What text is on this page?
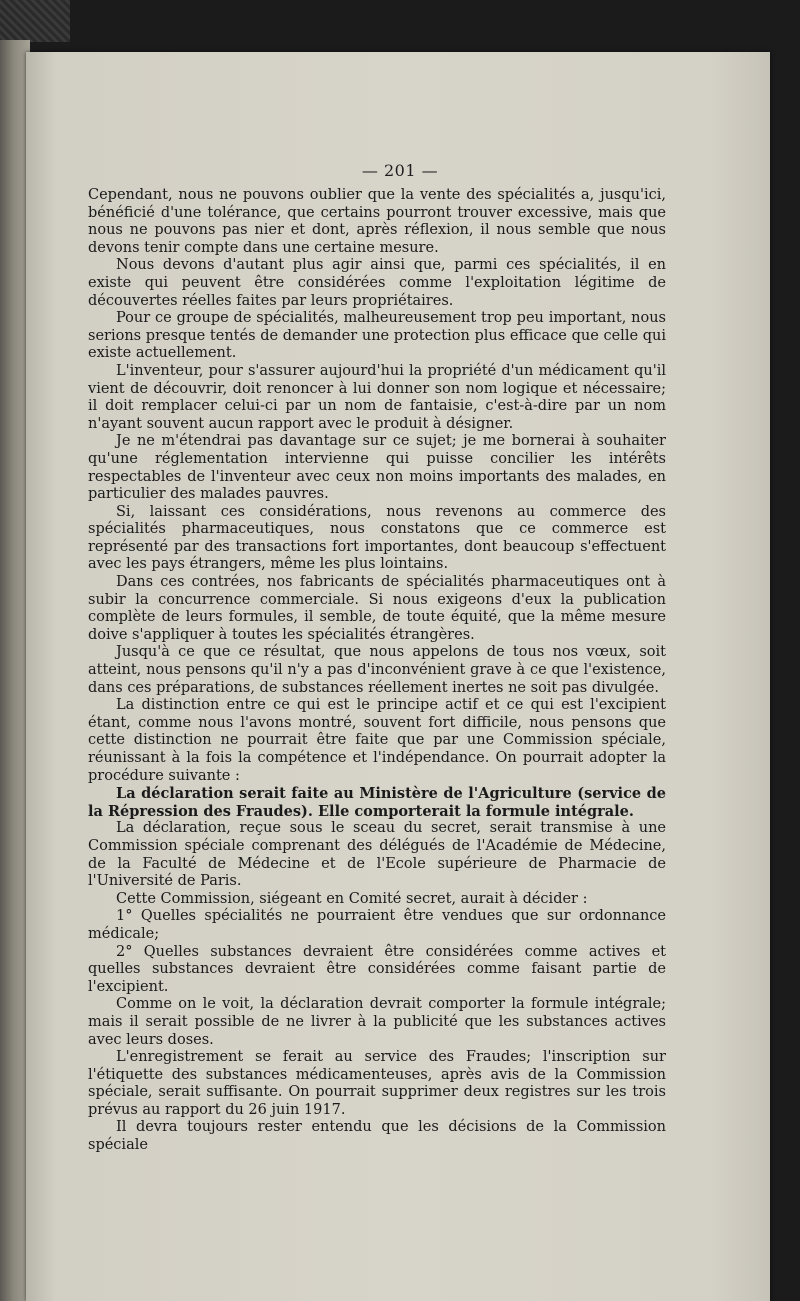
— 201 —

Cependant, nous ne pouvons oublier que la vente des spécialités a, jusqu'ici, bénéficié d'une tolérance, que certains pourront trouver excessive, mais que nous ne pouvons pas nier et dont, après réflexion, il nous semble que nous devons tenir compte dans une certaine mesure.

Nous devons d'autant plus agir ainsi que, parmi ces spécialités, il en existe qui peuvent être considérées comme l'exploitation légitime de découvertes réelles faites par leurs propriétaires.

Pour ce groupe de spécialités, malheureusement trop peu important, nous serions presque tentés de demander une protection plus efficace que celle qui existe actuellement.

L'inventeur, pour s'assurer aujourd'hui la propriété d'un médicament qu'il vient de découvrir, doit renoncer à lui donner son nom logique et nécessaire; il doit remplacer celui-ci par un nom de fantaisie, c'est-à-dire par un nom n'ayant souvent aucun rapport avec le produit à désigner.

Je ne m'étendrai pas davantage sur ce sujet; je me bornerai à souhaiter qu'une réglementation intervienne qui puisse concilier les intérêts respectables de l'inventeur avec ceux non moins importants des malades, en particulier des malades pauvres.

Si, laissant ces considérations, nous revenons au commerce des spécialités pharmaceutiques, nous constatons que ce commerce est représenté par des transactions fort importantes, dont beaucoup s'effectuent avec les pays étrangers, même les plus lointains.

Dans ces contrées, nos fabricants de spécialités pharmaceutiques ont à subir la concurrence commerciale. Si nous exigeons d'eux la publication complète de leurs formules, il semble, de toute équité, que la même mesure doive s'appliquer à toutes les spécialités étrangères.

Jusqu'à ce que ce résultat, que nous appelons de tous nos vœux, soit atteint, nous pensons qu'il n'y a pas d'inconvénient grave à ce que l'existence, dans ces préparations, de substances réellement inertes ne soit pas divulgée.

La distinction entre ce qui est le principe actif et ce qui est l'excipient étant, comme nous l'avons montré, souvent fort difficile, nous pensons que cette distinction ne pourrait être faite que par une Commission spéciale, réunissant à la fois la compétence et l'indépendance. On pourrait adopter la procédure suivante :

La déclaration serait faite au Ministère de l'Agriculture (service de la Répression des Fraudes). Elle comporterait la formule intégrale.

La déclaration, reçue sous le sceau du secret, serait transmise à une Commission spéciale comprenant des délégués de l'Académie de Médecine, de la Faculté de Médecine et de l'Ecole supérieure de Pharmacie de l'Université de Paris.

Cette Commission, siégeant en Comité secret, aurait à décider :

1° Quelles spécialités ne pourraient être vendues que sur ordonnance médicale;

2° Quelles substances devraient être considérées comme actives et quelles substances devraient être considérées comme faisant partie de l'excipient.

Comme on le voit, la déclaration devrait comporter la formule intégrale; mais il serait possible de ne livrer à la publicité que les substances actives avec leurs doses.

L'enregistrement se ferait au service des Fraudes; l'inscription sur l'étiquette des substances médicamenteuses, après avis de la Commission spéciale, serait suffisante. On pourrait supprimer deux registres sur les trois prévus au rapport du 26 juin 1917.

Il devra toujours rester entendu que les décisions de la Commission spéciale
